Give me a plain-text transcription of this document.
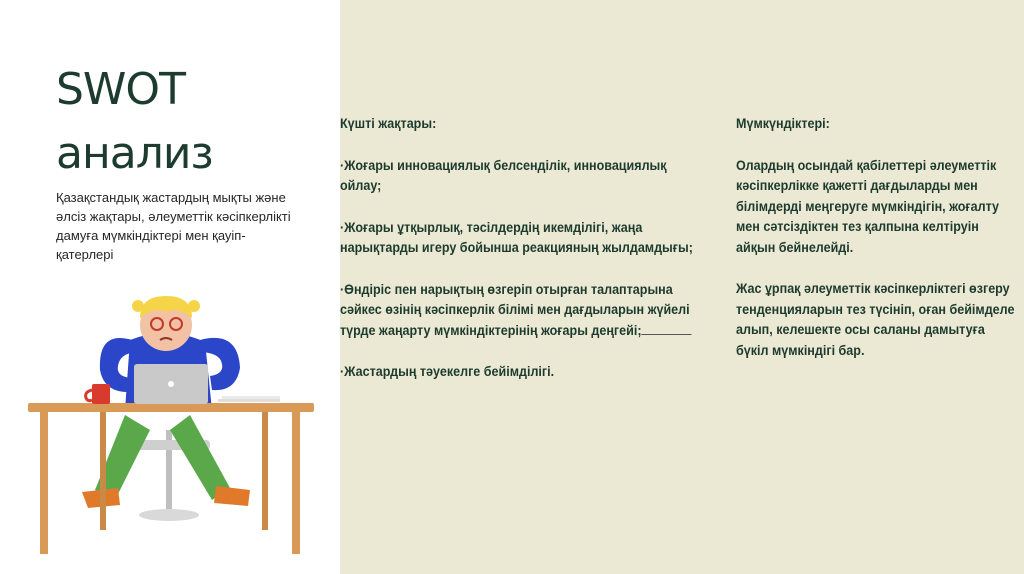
SWOT
анализ
Қазақстандық жастардың мықты және әлсіз жақтары, әлеуметтік кәсіпкерлікті дамуға мүмкіндіктері мен қауіп-қатерлері

Күшті жақтары:

·Жоғары инновациялық белсенділік, инновациялық ойлау;

·Жоғары ұтқырлық, тәсілдердің икемділігі, жаңа нарықтарды игеру бойынша реакцияның жылдамдығы;

·Өндіріс пен нарықтың өзгеріп отырған талаптарына сәйкес өзінің кәсіпкерлік білімі мен дағдыларын жүйелі түрде жаңарту мүмкіндіктерінің жоғары деңгейі;

·Жастардың тәуекелге бейімділігі.

Мүмкүндіктері:

Олардың осындай қабілеттері әлеуметтік кәсіпкерлікке қажетті дағдыларды мен білімдерді меңгеруге мүмкіндігін, жоғалту мен сәтсіздіктен тез қалпына келтіруін айқын бейнелейді.

Жас ұрпақ әлеуметтік кәсіпкерліктегі өзгеру тенденцияларын тез түсініп, оған бейімделе алып, келешекте осы саланы дамытуға бүкіл мүмкіндігі бар.
